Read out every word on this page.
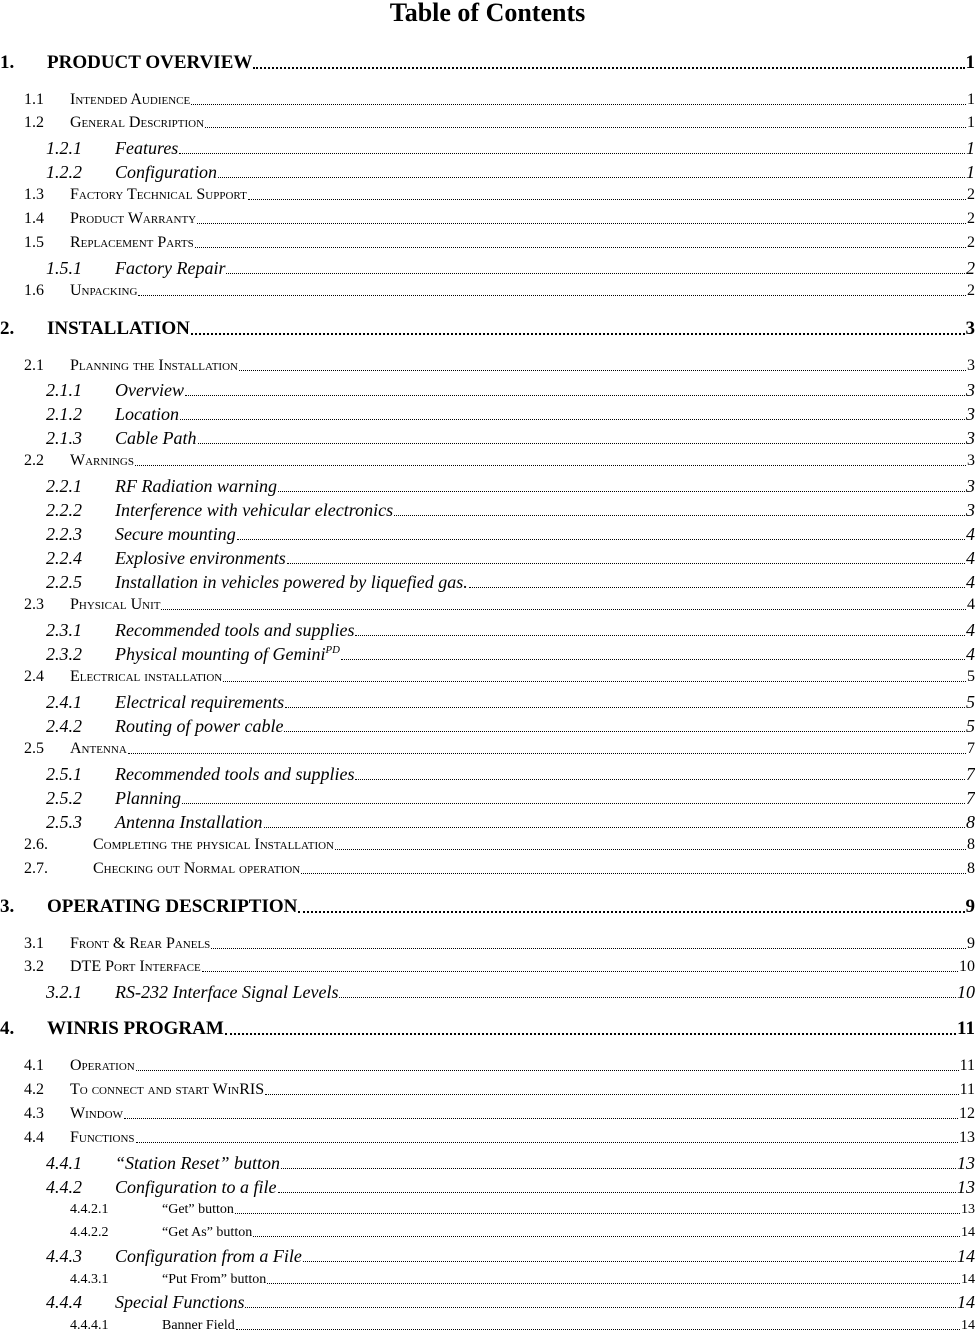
Table of Contents
1.	PRODUCT OVERVIEW	1
1.1	Intended Audience	1
1.2	General Description	1
1.2.1	Features	1
1.2.2	Configuration	1
1.3	Factory Technical Support	2
1.4	Product Warranty	2
1.5	Replacement Parts	2
1.5.1	Factory Repair	2
1.6	Unpacking	2
2.	INSTALLATION	3
2.1	Planning the Installation	3
2.1.1	Overview	3
2.1.2	Location	3
2.1.3	Cable Path	3
2.2	Warnings	3
2.2.1	RF Radiation warning	3
2.2.2	Interference with vehicular electronics	3
2.2.3	Secure mounting	4
2.2.4	Explosive environments	4
2.2.5	Installation in vehicles powered by liquefied gas.	4
2.3	Physical Unit	4
2.3.1	Recommended tools and supplies	4
2.3.2	Physical mounting of Gemini$^{PD}$	4
2.4	Electrical installation	5
2.4.1	Electrical requirements	5
2.4.2	Routing of power cable	5
2.5	Antenna	7
2.5.1	Recommended tools and supplies	7
2.5.2	Planning	7
2.5.3	Antenna Installation	8
2.6.	Completing the physical Installation	8
2.7.	Checking out Normal operation	8
3.	OPERATING DESCRIPTION	9
3.1	Front & Rear Panels	9
3.2	DTE Port Interface	10
3.2.1	RS-232 Interface Signal Levels	10
4.	WINRIS PROGRAM	11
4.1	Operation	11
4.2	To connect and start WinRIS	11
4.3	Window	12
4.4	Functions	13
4.4.1	“Station Reset” button	13
4.4.2	Configuration to a file	13
4.4.2.1	“Get” button	13
4.4.2.2	“Get As” button	14
4.4.3	Configuration from a File	14
4.4.3.1	“Put From” button	14
4.4.4	Special Functions	14
4.4.4.1	Banner Field	14
